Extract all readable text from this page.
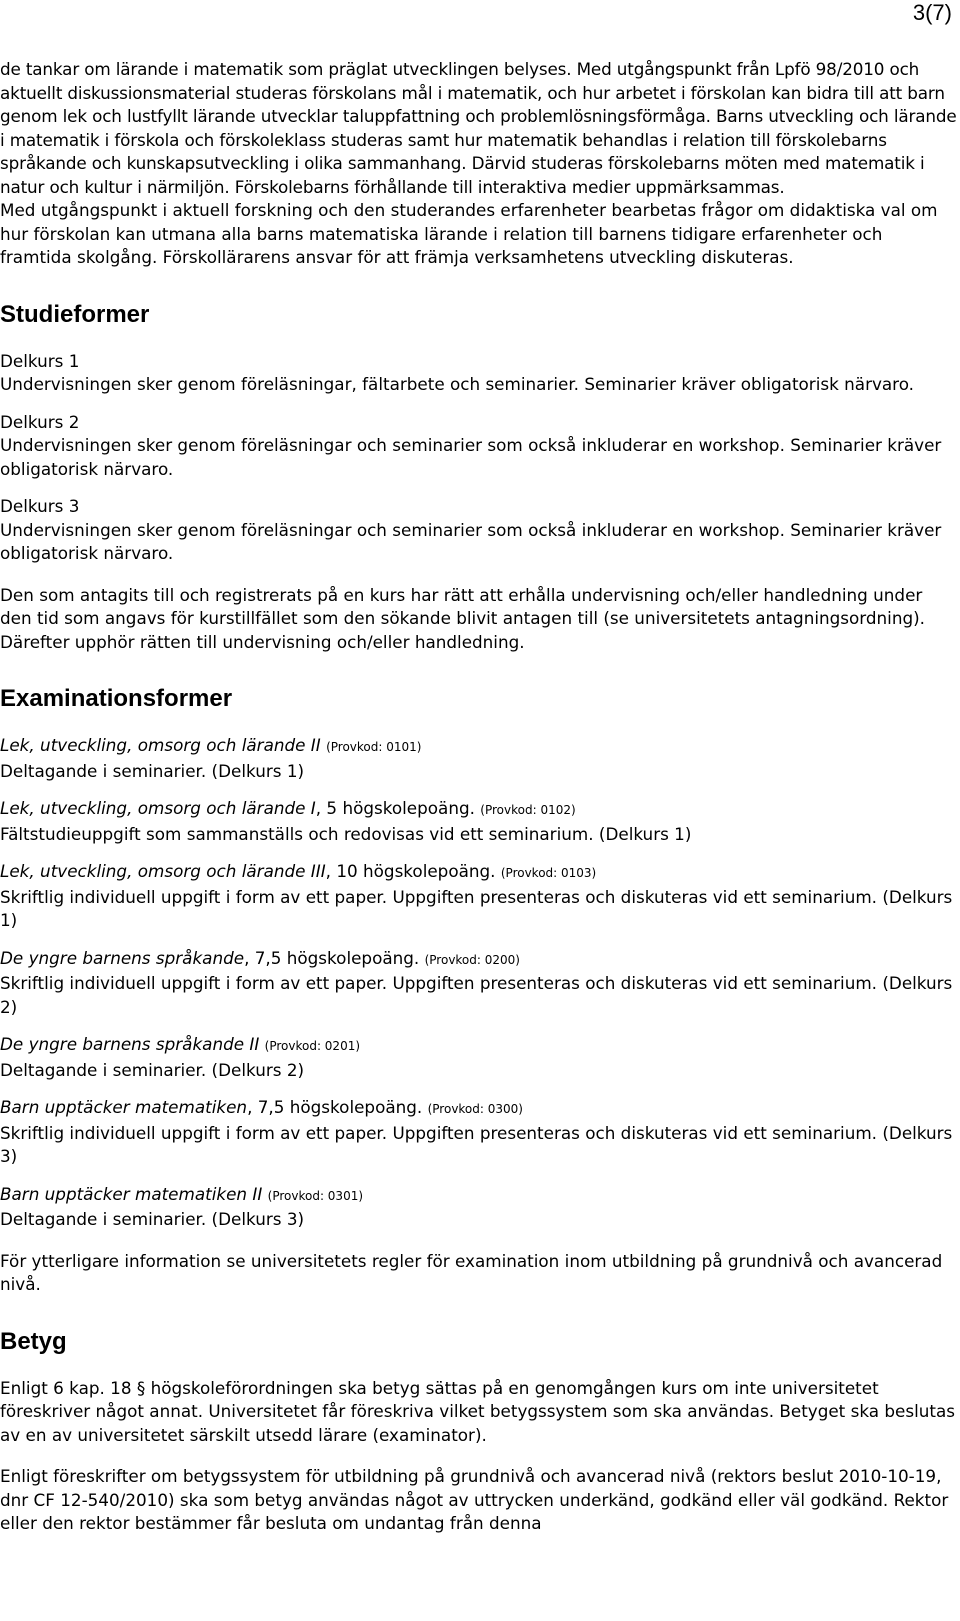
3(7)

de tankar om lärande i matematik som präglat utvecklingen belyses. Med utgångspunkt från Lpfö 98/2010 och aktuellt diskussionsmaterial studeras förskolans mål i matematik, och hur arbetet i förskolan kan bidra till att barn genom lek och lustfyllt lärande utvecklar taluppfattning och problemlösningsförmåga. Barns utveckling och lärande i matematik i förskola och förskoleklass studeras samt hur matematik behandlas i relation till förskolebarns språkande och kunskapsutveckling i olika sammanhang. Därvid studeras förskolebarns möten med matematik i natur och kultur i närmiljön. Förskolebarns förhållande till interaktiva medier uppmärksammas.

Med utgångspunkt i aktuell forskning och den studerandes erfarenheter bearbetas frågor om didaktiska val om hur förskolan kan utmana alla barns matematiska lärande i relation till barnens tidigare erfarenheter och framtida skolgång. Förskollärarens ansvar för att främja verksamhetens utveckling diskuteras.

Studieformer

Delkurs 1

Undervisningen sker genom föreläsningar, fältarbete och seminarier. Seminarier kräver obligatorisk närvaro.

Delkurs 2

Undervisningen sker genom föreläsningar och seminarier som också inkluderar en workshop. Seminarier kräver obligatorisk närvaro.

Delkurs 3

Undervisningen sker genom föreläsningar och seminarier som också inkluderar en workshop. Seminarier kräver obligatorisk närvaro.

Den som antagits till och registrerats på en kurs har rätt att erhålla undervisning och/eller handledning under den tid som angavs för kurstillfället som den sökande blivit antagen till (se universitetets antagningsordning). Därefter upphör rätten till undervisning och/eller handledning.

Examinationsformer

Lek, utveckling, omsorg och lärande II (Provkod: 0101)

Deltagande i seminarier. (Delkurs 1)

Lek, utveckling, omsorg och lärande I, 5 högskolepoäng. (Provkod: 0102)

Fältstudieuppgift som sammanställs och redovisas vid ett seminarium. (Delkurs 1)

Lek, utveckling, omsorg och lärande III, 10 högskolepoäng. (Provkod: 0103)

Skriftlig individuell uppgift i form av ett paper. Uppgiften presenteras och diskuteras vid ett seminarium. (Delkurs 1)

De yngre barnens språkande, 7,5 högskolepoäng. (Provkod: 0200)

Skriftlig individuell uppgift i form av ett paper. Uppgiften presenteras och diskuteras vid ett seminarium. (Delkurs 2)

De yngre barnens språkande II (Provkod: 0201)

Deltagande i seminarier. (Delkurs 2)

Barn upptäcker matematiken, 7,5 högskolepoäng. (Provkod: 0300)

Skriftlig individuell uppgift i form av ett paper. Uppgiften presenteras och diskuteras vid ett seminarium. (Delkurs 3)

Barn upptäcker matematiken II (Provkod: 0301)

Deltagande i seminarier. (Delkurs 3)

För ytterligare information se universitetets regler för examination inom utbildning på grundnivå och avancerad nivå.

Betyg

Enligt 6 kap. 18 § högskoleförordningen ska betyg sättas på en genomgången kurs om inte universitetet föreskriver något annat. Universitetet får föreskriva vilket betygssystem som ska användas. Betyget ska beslutas av en av universitetet särskilt utsedd lärare (examinator).

Enligt föreskrifter om betygssystem för utbildning på grundnivå och avancerad nivå (rektors beslut 2010-10-19, dnr CF 12-540/2010) ska som betyg användas något av uttrycken underkänd, godkänd eller väl godkänd. Rektor eller den rektor bestämmer får besluta om undantag från denna
